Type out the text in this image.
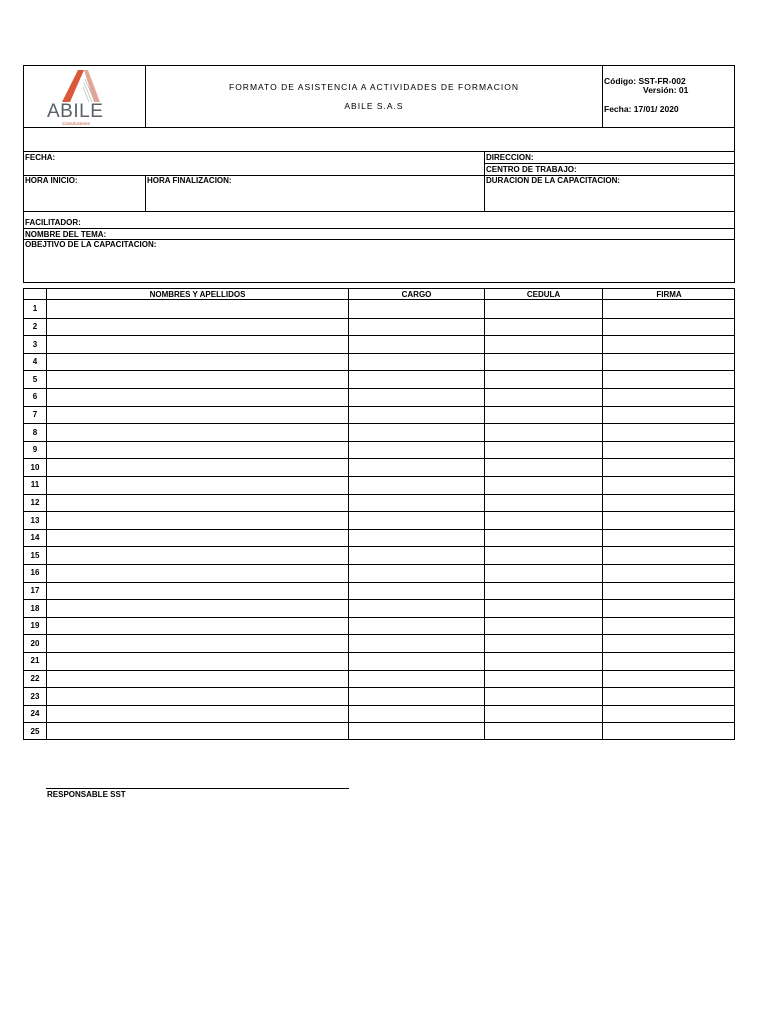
ABILE
Constructores
FORMATO DE ASISTENCIA A ACTIVIDADES DE FORMACION
ABILE S.A.S
Código: SST-FR-002
Versión: 01
Fecha: 17/01/ 2020
FECHA:	DIRECCION:
CENTRO DE TRABAJO:
HORA INICIO:	HORA FINALIZACION:	DURACION DE LA CAPACITACION:
FACILITADOR:
NOMBRE DEL TEMA:
OBEJTIVO DE LA CAPACITACION:
NOMBRES Y APELLIDOS	CARGO	CEDULA	FIRMA
1
2
3
4
5
6
7
8
9
10
11
12
13
14
15
16
17
18
19
20
21
22
23
24
25
RESPONSABLE SST
